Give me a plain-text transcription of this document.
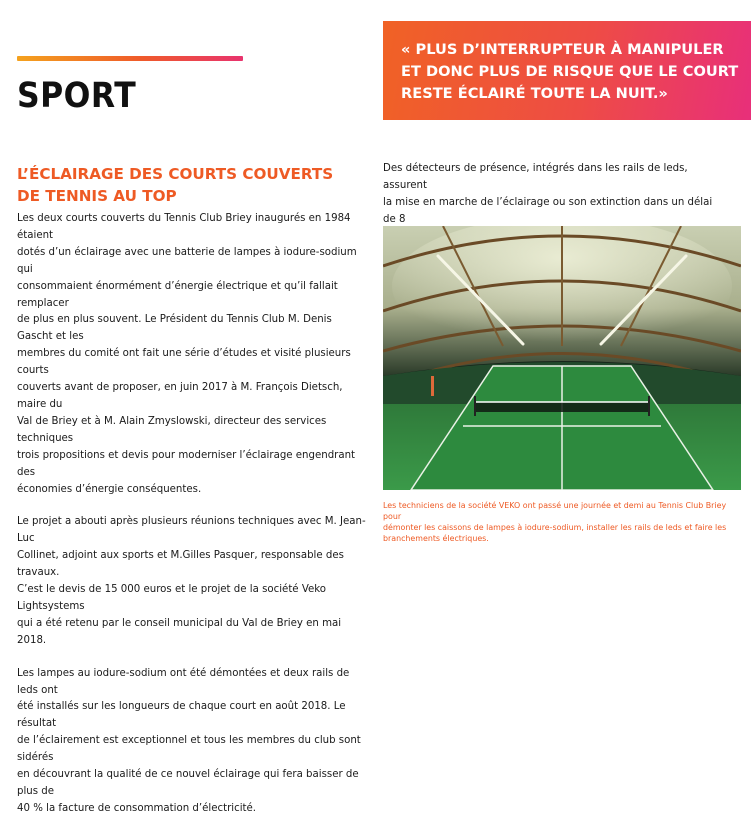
SPORT
« PLUS D’INTERRUPTEUR À MANIPULER
ET DONC PLUS DE RISQUE QUE LE COURT
RESTE ÉCLAIRÉ TOUTE LA NUIT.»
L’ÉCLAIRAGE DES COURTS COUVERTS
DE TENNIS AU TOP

Les deux courts couverts du Tennis Club Briey inaugurés en 1984 étaient
dotés d’un éclairage avec une batterie de lampes à iodure-sodium qui
consommaient énormément d’énergie électrique et qu’il fallait remplacer
de plus en plus souvent. Le Président du Tennis Club M. Denis Gascht et les
membres du comité ont fait une série d’études et visité plusieurs courts
couverts avant de proposer, en juin 2017 à M. François Dietsch, maire du
Val de Briey et à M. Alain Zmyslowski, directeur des services techniques
trois propositions et devis pour moderniser l’éclairage engendrant des
économies d’énergie conséquentes.

Le projet a abouti après plusieurs réunions techniques avec M. Jean-Luc
Collinet, adjoint aux sports et M.Gilles Pasquer, responsable des travaux.
C’est le devis de 15 000 euros et le projet de la société Veko Lightsystems
qui a été retenu par le conseil municipal du Val de Briey en mai 2018.

Les lampes au iodure-sodium ont été démontées et deux rails de leds ont
été installés sur les longueurs de chaque court en août 2018. Le résultat
de l’éclairement est exceptionnel et tous les membres du club sont sidérés
en découvrant la qualité de ce nouvel éclairage qui fera baisser de plus de
40 % la facture de consommation d’électricité.

Des détecteurs de présence, intégrés dans les rails de leds, assurent
la mise en marche de l’éclairage ou son extinction dans un délai de 8

Les techniciens de la société VEKO ont passé une journée et demi au Tennis Club Briey pour
démonter les caissons de lampes à iodure-sodium, installer les rails de leds et faire les
branchements électriques.
